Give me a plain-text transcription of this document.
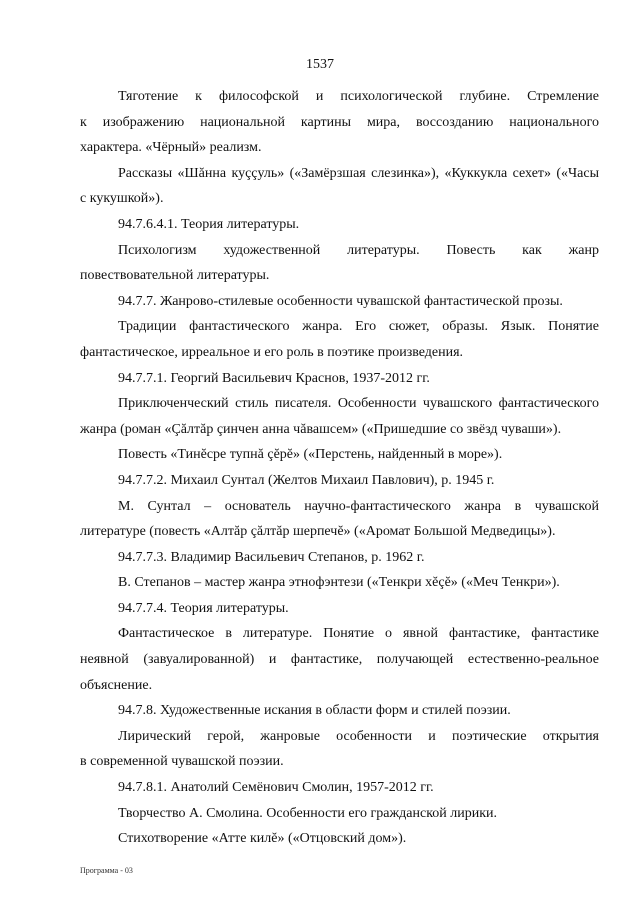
1537
Тяготение к философской и психологической глубине. Стремление
к изображению национальной картины мира, воссозданию национального
характера. «Чёрный» реализм.
Рассказы «Шăнна куççуль» («Замёрзшая слезинка»), «Куккукла сехет» («Часы
с кукушкой»).
94.7.6.4.1. Теория литературы.
Психологизм художественной литературы. Повесть как жанр
повествовательной литературы.
94.7.7. Жанрово-стилевые особенности чувашской фантастической прозы.
Традиции фантастического жанра. Его сюжет, образы. Язык. Понятие
фантастическое, ирреальное и его роль в поэтике произведения.
94.7.7.1. Георгий Васильевич Краснов, 1937-2012 гг.
Приключенческий стиль писателя. Особенности чувашского фантастического
жанра (роман «Çăлтăр çинчен анна чăвашсем» («Пришедшие со звёзд чуваши»).
Повесть «Тинĕсре тупнă çĕрĕ» («Перстень, найденный в море»).
94.7.7.2. Михаил Сунтал (Желтов Михаил Павлович), р. 1945 г.
М. Сунтал – основатель научно-фантастического жанра в чувашской
литературе (повесть «Алтăр çăлтăр шерпечĕ» («Аромат Большой Медведицы»).
94.7.7.3. Владимир Васильевич Степанов, р. 1962 г.
В. Степанов – мастер жанра этнофэнтези («Тенкри хĕçĕ» («Меч Тенкри»).
94.7.7.4. Теория литературы.
Фантастическое в литературе. Понятие о явной фантастике, фантастике
неявной (завуалированной) и фантастике, получающей естественно-реальное
объяснение.
94.7.8. Художественные искания в области форм и стилей поэзии.
Лирический герой, жанровые особенности и поэтические открытия
в современной чувашской поэзии.
94.7.8.1. Анатолий Семёнович Смолин, 1957-2012 гг.
Творчество А. Смолина. Особенности его гражданской лирики.
Стихотворение «Атте килĕ» («Отцовский дом»).
Программа - 03
